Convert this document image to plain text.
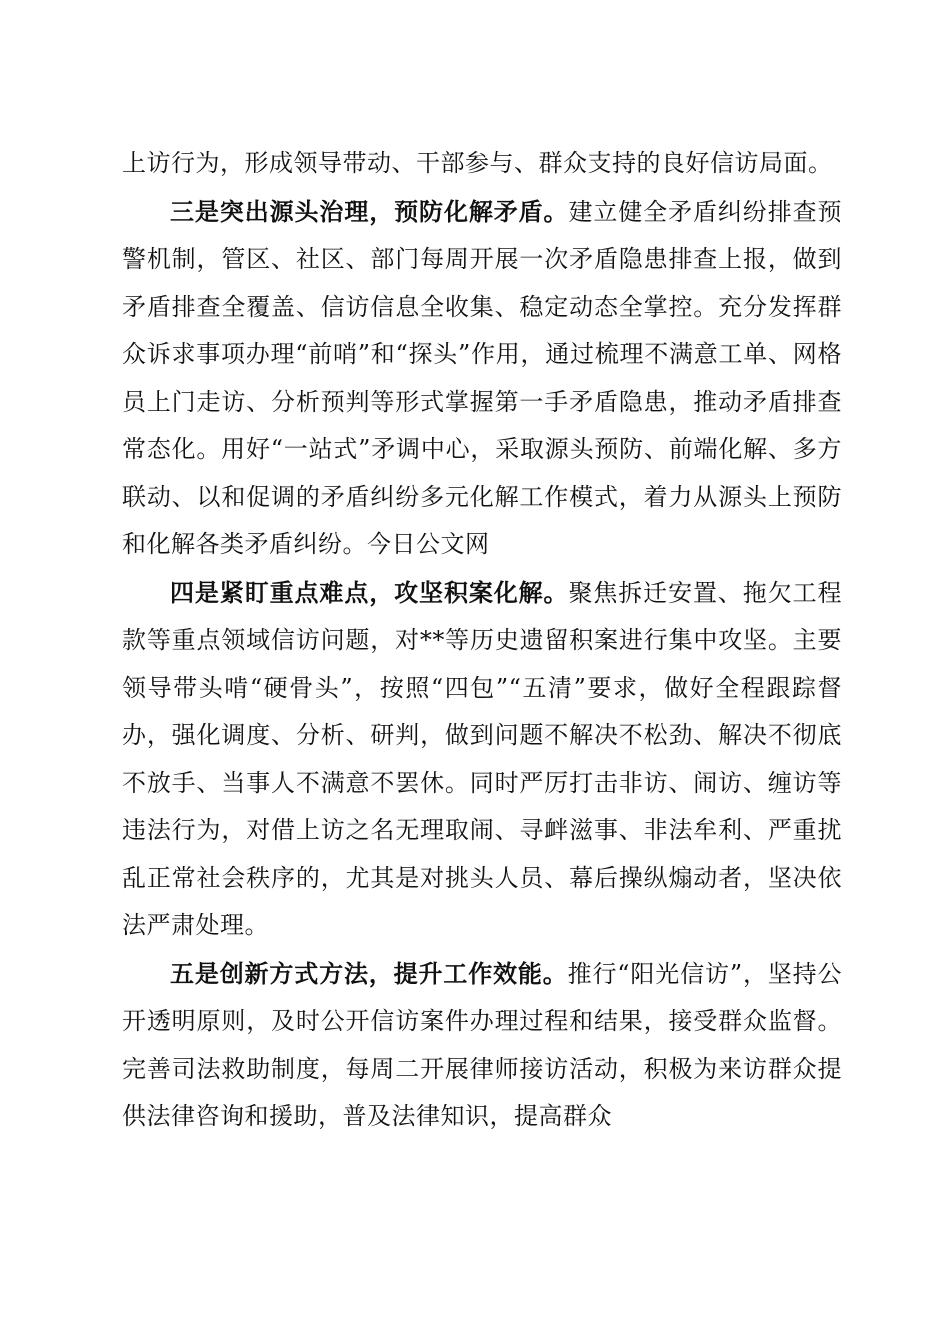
上访行为，形成领导带动、干部参与、群众支持的良好信访局面。

三是突出源头治理，预防化解矛盾。建立健全矛盾纠纷排查预警机制，管区、社区、部门每周开展一次矛盾隐患排查上报，做到矛盾排查全覆盖、信访信息全收集、稳定动态全掌控。充分发挥群众诉求事项办理“前哨”和“探头”作用，通过梳理不满意工单、网格员上门走访、分析预判等形式掌握第一手矛盾隐患，推动矛盾排查常态化。用好“一站式”矛调中心，采取源头预防、前端化解、多方联动、以和促调的矛盾纠纷多元化解工作模式，着力从源头上预防和化解各类矛盾纠纷。今日公文网

四是紧盯重点难点，攻坚积案化解。聚焦拆迁安置、拖欠工程款等重点领域信访问题，对**等历史遗留积案进行集中攻坚。主要领导带头啃“硬骨头”，按照“四包”“五清”要求，做好全程跟踪督办，强化调度、分析、研判，做到问题不解决不松劲、解决不彻底不放手、当事人不满意不罢休。同时严厉打击非访、闹访、缠访等违法行为，对借上访之名无理取闹、寻衅滋事、非法牟利、严重扰乱正常社会秩序的，尤其是对挑头人员、幕后操纵煽动者，坚决依法严肃处理。

五是创新方式方法，提升工作效能。推行“阳光信访”，坚持公开透明原则，及时公开信访案件办理过程和结果，接受群众监督。完善司法救助制度，每周二开展律师接访活动，积极为来访群众提供法律咨询和援助，普及法律知识，提高群众
